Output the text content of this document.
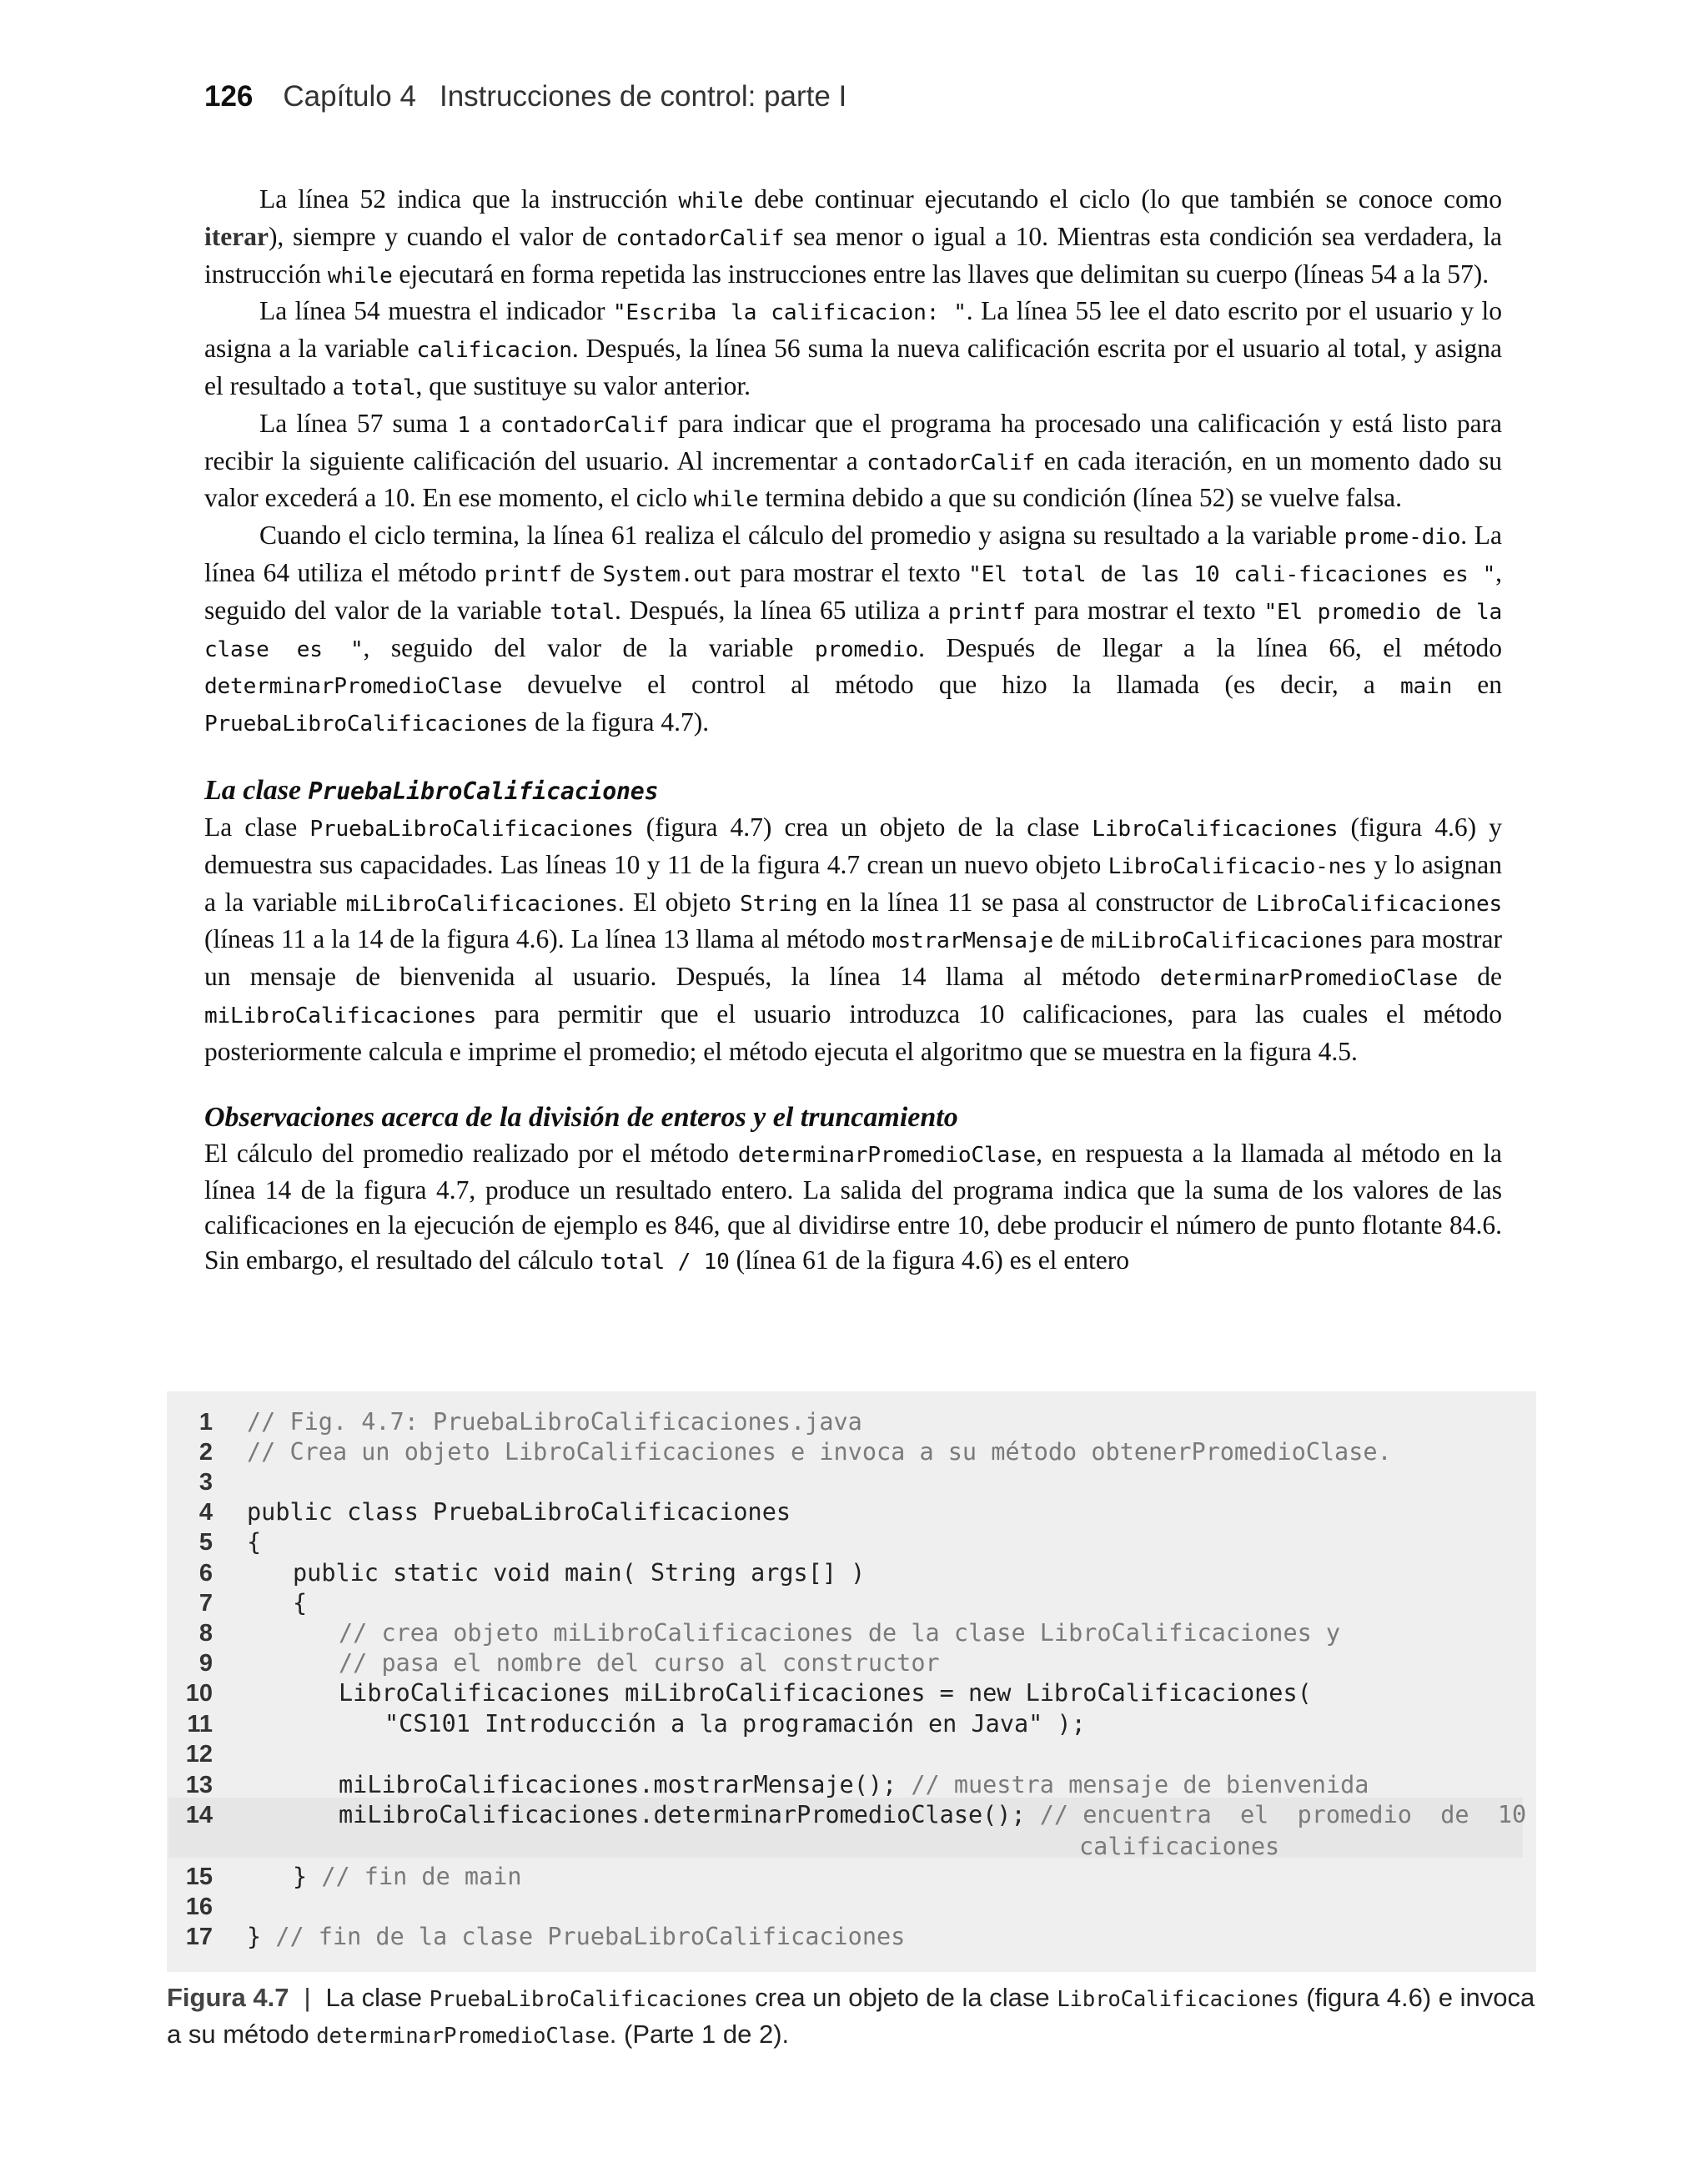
126 Capítulo 4 Instrucciones de control: parte I

La línea 52 indica que la instrucción while debe continuar ejecutando el ciclo (lo que también se conoce como iterar), siempre y cuando el valor de contadorCalif sea menor o igual a 10. Mientras esta condición sea verdadera, la instrucción while ejecutará en forma repetida las instrucciones entre las llaves que delimitan su cuerpo (líneas 54 a la 57).

La línea 54 muestra el indicador "Escriba la calificacion: ". La línea 55 lee el dato escrito por el usuario y lo asigna a la variable calificacion. Después, la línea 56 suma la nueva calificación escrita por el usuario al total, y asigna el resultado a total, que sustituye su valor anterior.

La línea 57 suma 1 a contadorCalif para indicar que el programa ha procesado una calificación y está listo para recibir la siguiente calificación del usuario. Al incrementar a contadorCalif en cada iteración, en un momento dado su valor excederá a 10. En ese momento, el ciclo while termina debido a que su condición (línea 52) se vuelve falsa.

Cuando el ciclo termina, la línea 61 realiza el cálculo del promedio y asigna su resultado a la variable prome-dio. La línea 64 utiliza el método printf de System.out para mostrar el texto "El total de las 10 cali-ficaciones es ", seguido del valor de la variable total. Después, la línea 65 utiliza a printf para mostrar el texto "El promedio de la clase es ", seguido del valor de la variable promedio. Después de llegar a la línea 66, el método determinarPromedioClase devuelve el control al método que hizo la llamada (es decir, a main en PruebaLibroCalificaciones de la figura 4.7).

La clase PruebaLibroCalificaciones

La clase PruebaLibroCalificaciones (figura 4.7) crea un objeto de la clase LibroCalificaciones (figura 4.6) y demuestra sus capacidades. Las líneas 10 y 11 de la figura 4.7 crean un nuevo objeto LibroCalificacio-nes y lo asignan a la variable miLibroCalificaciones. El objeto String en la línea 11 se pasa al constructor de LibroCalificaciones (líneas 11 a la 14 de la figura 4.6). La línea 13 llama al método mostrarMensaje de miLibroCalificaciones para mostrar un mensaje de bienvenida al usuario. Después, la línea 14 llama al método determinarPromedioClase de miLibroCalificaciones para permitir que el usuario introduzca 10 calificaciones, para las cuales el método posteriormente calcula e imprime el promedio; el método ejecuta el algoritmo que se muestra en la figura 4.5.

Observaciones acerca de la división de enteros y el truncamiento

El cálculo del promedio realizado por el método determinarPromedioClase, en respuesta a la llamada al método en la línea 14 de la figura 4.7, produce un resultado entero. La salida del programa indica que la suma de los valores de las calificaciones en la ejecución de ejemplo es 846, que al dividirse entre 10, debe producir el número de punto flotante 84.6. Sin embargo, el resultado del cálculo total / 10 (línea 61 de la figura 4.6) es el entero

1 // Fig. 4.7: PruebaLibroCalificaciones.java
2 // Crea un objeto LibroCalificaciones e invoca a su método obtenerPromedioClase.
3
4 public class PruebaLibroCalificaciones
5 {
6	public static void main( String args[] )
7	{
8	// crea objeto miLibroCalificaciones de la clase LibroCalificaciones y
9	// pasa el nombre del curso al constructor
10	LibroCalificaciones miLibroCalificaciones = new LibroCalificaciones(
11	"CS101 Introducción a la programación en Java" );
12
13	miLibroCalificaciones.mostrarMensaje(); // muestra mensaje de bienvenida
14	miLibroCalificaciones.determinarPromedioClase(); // encuentra  el  promedio  de  10
15	} // fin de main
16
17 } // fin de la clase PruebaLibroCalificaciones
calificaciones
Figura 4.7 | La clase PruebaLibroCalificaciones crea un objeto de la clase LibroCalificaciones (figura 4.6) e invoca a su método determinarPromedioClase. (Parte 1 de 2).
